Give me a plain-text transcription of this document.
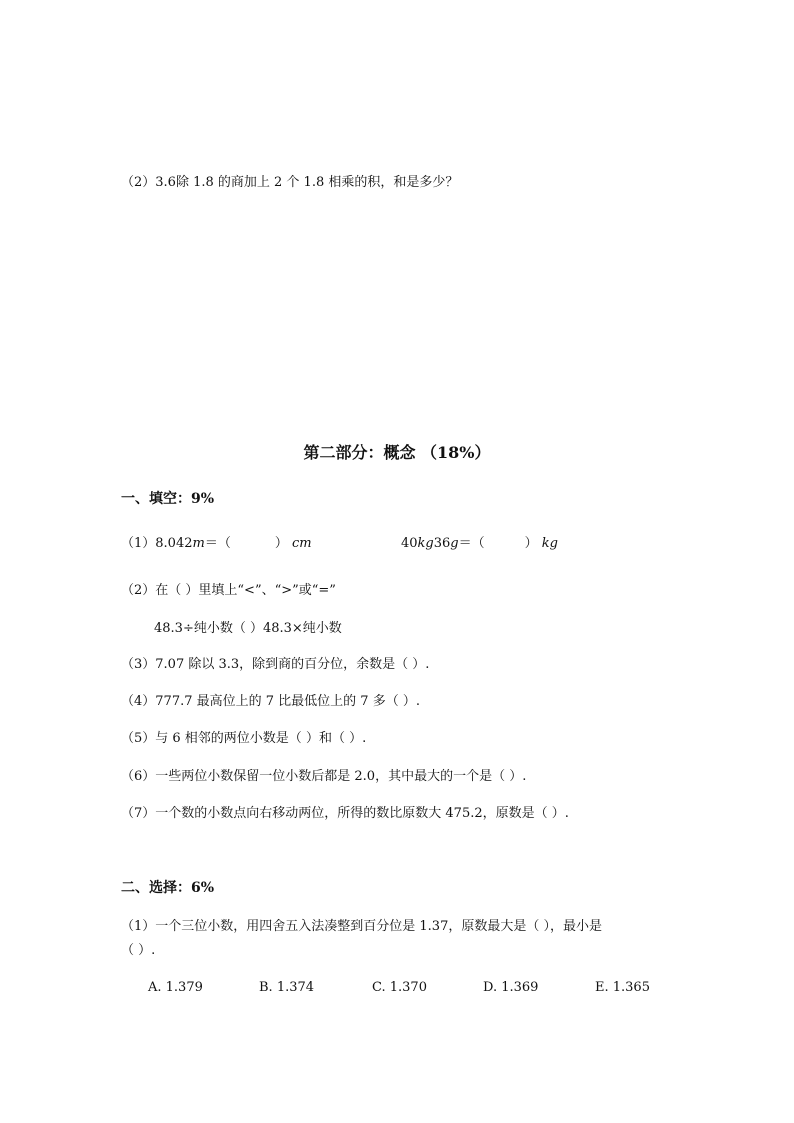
（2）3.6除 1.8 的商加上 2 个 1.8 相乘的积，和是多少？
第二部分：概念 （18%）
一、填空：9%
（1）8.042m＝（	） cm	40kg36g＝（	） kg
（2）在（ ）里填上“<”、“>”或“=”
48.3÷纯小数（ ）48.3×纯小数
（3）7.07 除以 3.3，除到商的百分位，余数是（ ）.
（4）777.7 最高位上的 7 比最低位上的 7 多（ ）.
（5）与 6 相邻的两位小数是（ ）和（ ）.
（6）一些两位小数保留一位小数后都是 2.0，其中最大的一个是（ ）.
（7）一个数的小数点向右移动两位，所得的数比原数大 475.2，原数是（ ）.
二、选择：6%
（1）一个三位小数，用四舍五入法凑整到百分位是 1.37，原数最大是（ ），最小是
（ ）.
A. 1.379	B. 1.374	C. 1.370	D. 1.369	E. 1.365
